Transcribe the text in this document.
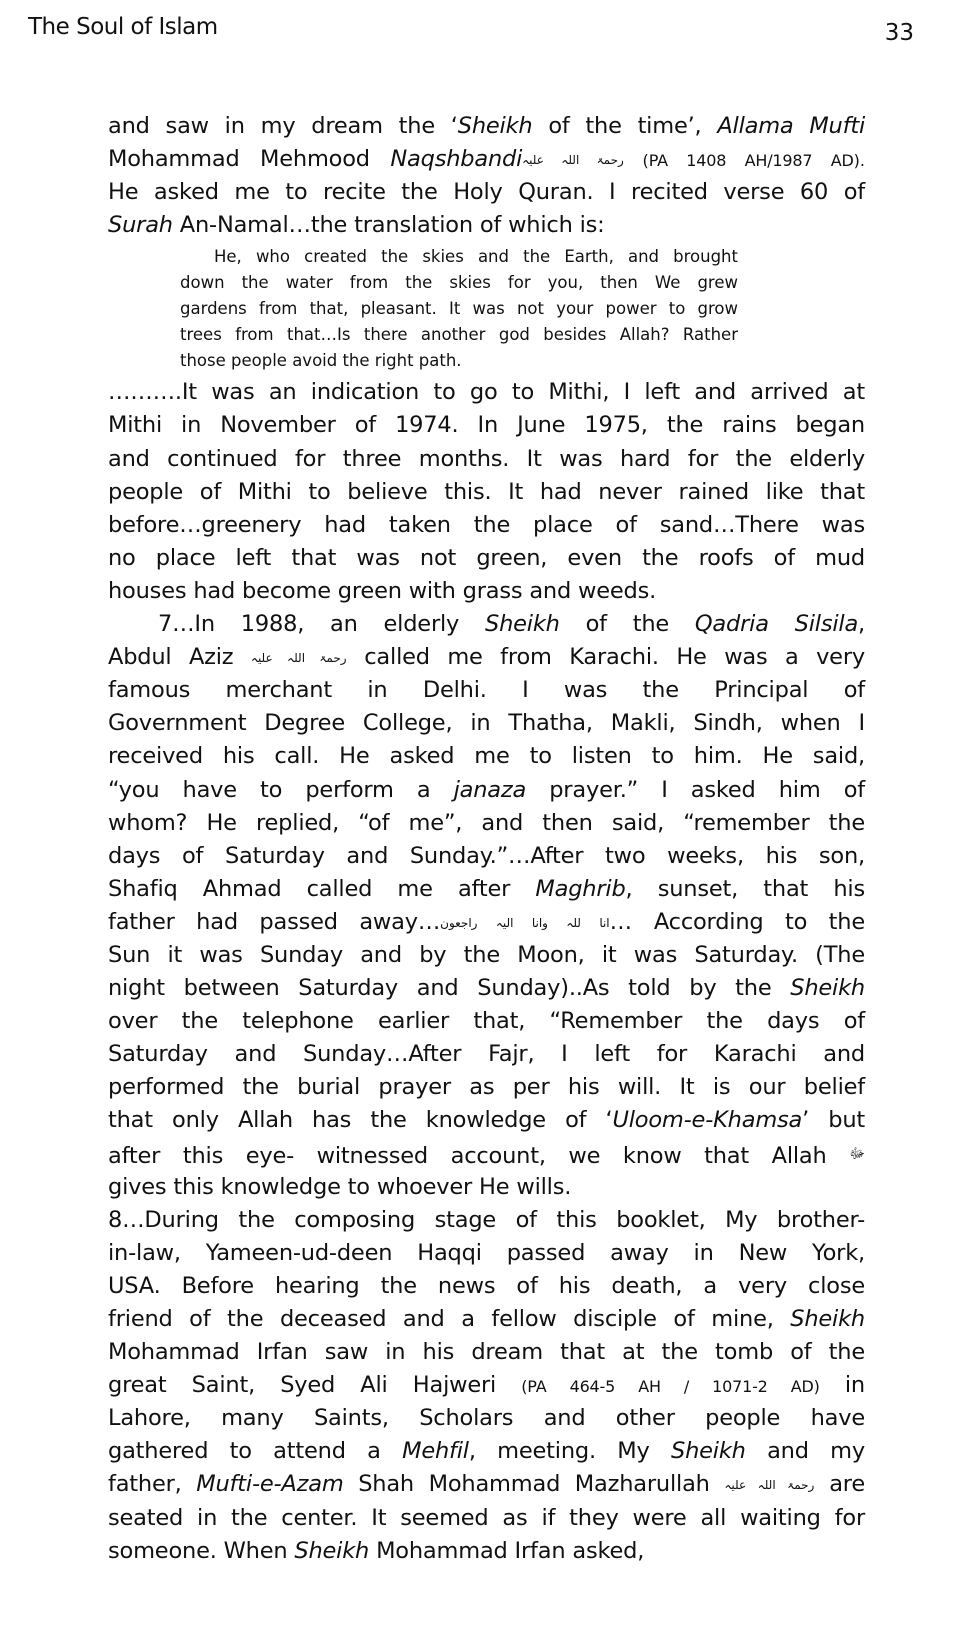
The Soul of Islam	33
and saw in my dream the ‘Sheikh of the time’, Allama Mufti
Mohammad Mehmood Naqshbandiرحمۃ اللہ علیہ (PA 1408 AH/1987 AD).
He asked me to recite the Holy Quran. I recited verse 60 of
Surah An-Namal…the translation of which is:
He, who created the skies and the Earth, and brought
down the water from the skies for you, then We grew
gardens from that, pleasant. It was not your power to grow
trees from that…Is there another god besides Allah? Rather
those people avoid the right path.
……….It was an indication to go to Mithi, I left and arrived at
Mithi in November of 1974. In June 1975, the rains began
and continued for three months. It was hard for the elderly
people of Mithi to believe this. It had never rained like that
before…greenery had taken the place of sand…There was
no place left that was not green, even the roofs of mud
houses had become green with grass and weeds.
7…In 1988, an elderly Sheikh of the Qadria Silsila,
Abdul Aziz رحمۃ اللہ علیہ called me from Karachi. He was a very
famous merchant in Delhi. I was the Principal of
Government Degree College, in Thatha, Makli, Sindh, when I
received his call. He asked me to listen to him. He said,
“you have to perform a janaza prayer.” I asked him of
whom? He replied, “of me”, and then said, “remember the
days of Saturday and Sunday.”…After two weeks, his son,
Shafiq Ahmad called me after Maghrib, sunset, that his
father had passed away…انا للہ وانا الیہ راجعون… According to the
Sun it was Sunday and by the Moon, it was Saturday. (The
night between Saturday and Sunday)..As told by the Sheikh
over the telephone earlier that, “Remember the days of
Saturday and Sunday…After Fajr, I left for Karachi and
performed the burial prayer as per his will. It is our belief
that only Allah has the knowledge of ‘Uloom-e-Khamsa’ but
after this eye- witnessed account, we know that Allah $^ﷻ$
gives this knowledge to whoever He wills.
8…During the composing stage of this booklet, My brother-
in-law, Yameen-ud-deen Haqqi passed away in New York,
USA. Before hearing the news of his death, a very close
friend of the deceased and a fellow disciple of mine, Sheikh
Mohammad Irfan saw in his dream that at the tomb of the
great Saint, Syed Ali Hajweri (PA 464-5 AH / 1071-2 AD) in
Lahore, many Saints, Scholars and other people have
gathered to attend a Mehfil, meeting. My Sheikh and my
father, Mufti-e-Azam Shah Mohammad Mazharullah رحمۃ اللہ علیہ are
seated in the center. It seemed as if they were all waiting for
someone. When Sheikh Mohammad Irfan asked,
